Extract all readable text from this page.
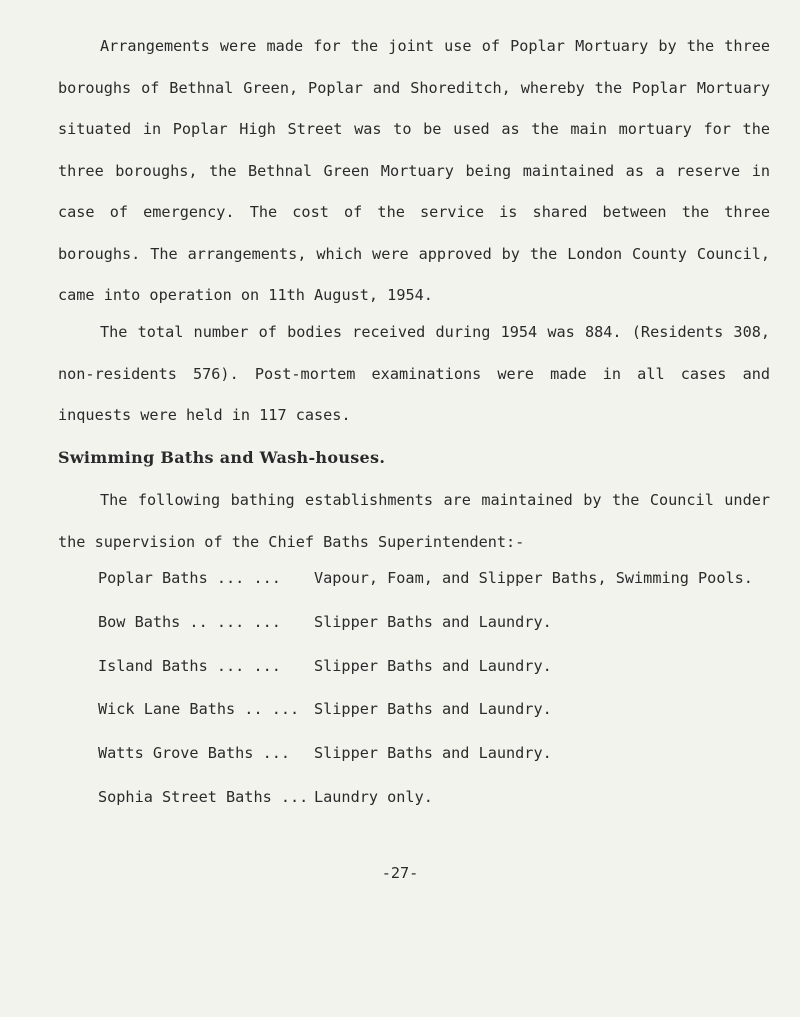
Arrangements were made for the joint use of Poplar Mortuary by the three boroughs of Bethnal Green, Poplar and Shoreditch, whereby the Poplar Mortuary situated in Poplar High Street was to be used as the main mortuary for the three boroughs, the Bethnal Green Mortuary being maintained as a reserve in case of emergency. The cost of the service is shared between the three boroughs. The arrangements, which were approved by the London County Council, came into operation on 11th August, 1954.

The total number of bodies received during 1954 was 884. (Residents 308, non-residents 576). Post-mortem examinations were made in all cases and inquests were held in 117 cases.

Swimming Baths and Wash-houses.

The following bathing establishments are maintained by the Council under the supervision of the Chief Baths Superintendent:-

Poplar Baths ... ... Vapour, Foam, and Slipper Baths, Swimming Pools.
Bow Baths .. ... ... Slipper Baths and Laundry.
Island Baths ... ... Slipper Baths and Laundry.
Wick Lane Baths .. ... Slipper Baths and Laundry.
Watts Grove Baths ... Slipper Baths and Laundry.
Sophia Street Baths ... Laundry only.
-27-
